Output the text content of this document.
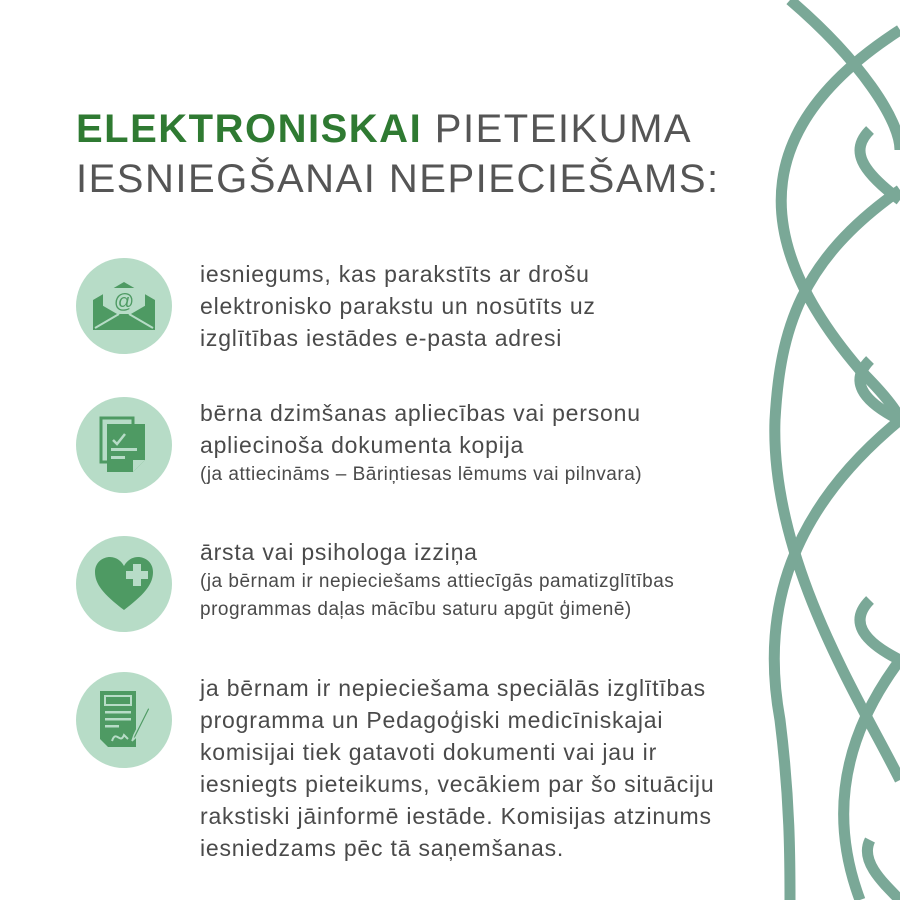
ELEKTRONISKAI PIETEIKUMA
IESNIEGŠANAI NEPIECIEŠAMS:
@
iesniegums, kas parakstīts ar drošu
elektronisko parakstu un nosūtīts uz
izglītības iestādes e-pasta adresi
bērna dzimšanas apliecības vai personu
apliecinoša dokumenta kopija
(ja attiecināms – Bāriņtiesas lēmums vai pilnvara)
ārsta vai psihologa izziņa
(ja bērnam ir nepieciešams attiecīgās pamatizglītības
programmas daļas mācību saturu apgūt ģimenē)
ja bērnam ir nepieciešama speciālās izglītības
programma un Pedagoģiski medicīniskajai
komisijai tiek gatavoti dokumenti vai jau ir
iesniegts pieteikums, vecākiem par šo situāciju
rakstiski jāinformē iestāde. Komisijas atzinums
iesniedzams pēc tā saņemšanas.
